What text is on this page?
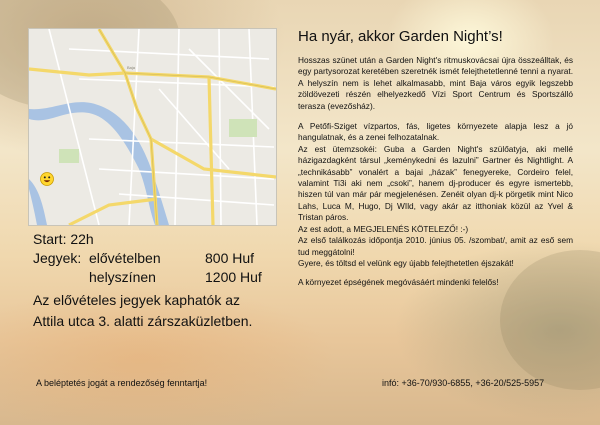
Baja
Start: 22h
Jegyek: elővételben	800 Huf
helyszínen	1200 Huf
Az elővételes jegyek kaphatók az
Attila utca 3. alatti zárszaküzletben.
A beléptetés jogát a rendezőség fenntartja!
Ha nyár, akkor Garden Night’s!

Hosszas szünet után a Garden Night's ritmuskovácsai újra összeálltak, és egy partysorozat keretében szeretnék ismét felejthetetlenné tenni a nyarat. A helyszín nem is lehet alkalmasabb, mint Baja város egyik legszebb zöldövezeti részén elhelyezkedő Vízi Sport Centrum és Sportszálló terasza (evezősház).

A Petőfi-Sziget vízpartos, fás, ligetes környezete alapja lesz a jó hangulatnak, és a zenei felhozatalnak.

Az est ütemzsokéi: Guba a Garden Night's szülőatyja, aki mellé házigazdagként társul „keménykedni és lazulni” Gartner és Nightlight. A „technikásabb” vonalért a bajai „házak” fenegyereke, Cordeiro felel, valamint Ti3i aki nem „csoki”, hanem dj-producer és egyre ismertebb, hiszen túl van már pár megjelenésen. Zenéit olyan dj-k pörgetik mint Nico Lahs, Luca M, Hugo, Dj WIld, vagy akár az itthoniak közül az Yvel & Tristan páros.

Az est adott, a MEGJELENÉS KÖTELEZŐ! :-)

Az első találkozás időpontja 2010. június 05. /szombat/, amit az eső sem tud meggátolni!

Gyere, és töltsd el velünk egy újabb felejthetetlen éjszakát!

A környezet épségének megóvásáért mindenki felelős!

infó: +36-70/930-6855, +36-20/525-5957
